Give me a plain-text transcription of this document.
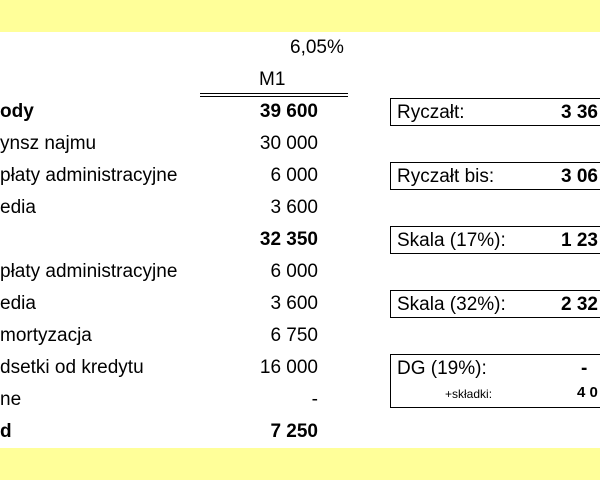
6,05%
M1
ody	39 600
ynsz najmu	30 000
płaty administracyjne	6 000
edia	3 600
32 350
płaty administracyjne	6 000
edia	3 600
mortyzacja	6 750
dsetki od kredytu	16 000
ne	-
d	7 250
Ryczałt:	3 36
Ryczałt bis:	3 06
Skala (17%):	1 23
Skala (32%):	2 32
DG (19%):	-
+składki:	4 0
